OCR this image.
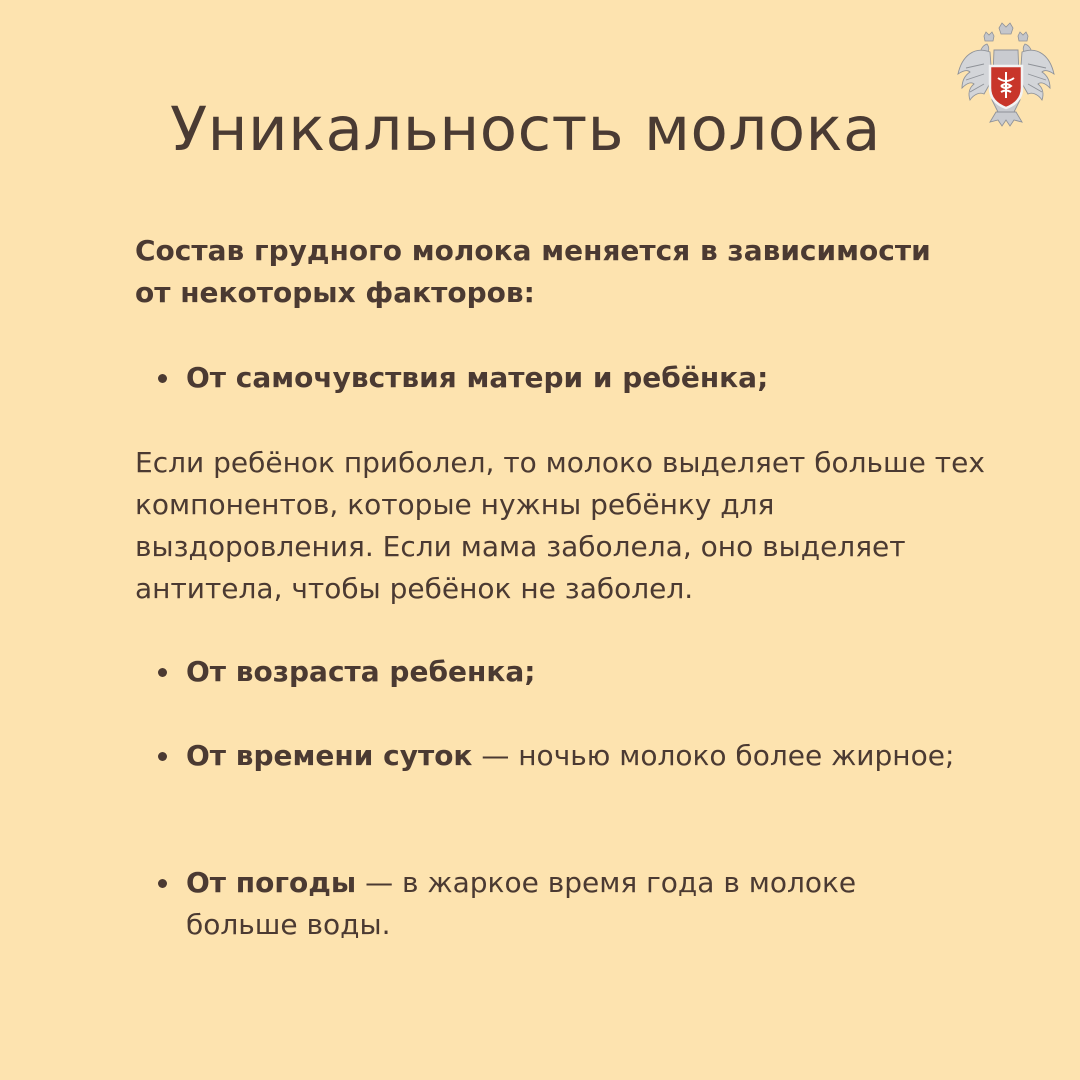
Уникальность молока

Состав грудного молока меняется в зависимости от некоторых факторов:

От самочувствия матери и ребёнка;

Если ребёнок приболел, то молоко выделяет больше тех компонентов, которые нужны ребёнку для выздоровления. Если мама заболела, оно выделяет антитела, чтобы ребёнок не заболел.

От возраста ребенка;

От времени суток — ночью молоко более жирное;

От погоды — в жаркое время года в молоке больше воды.
